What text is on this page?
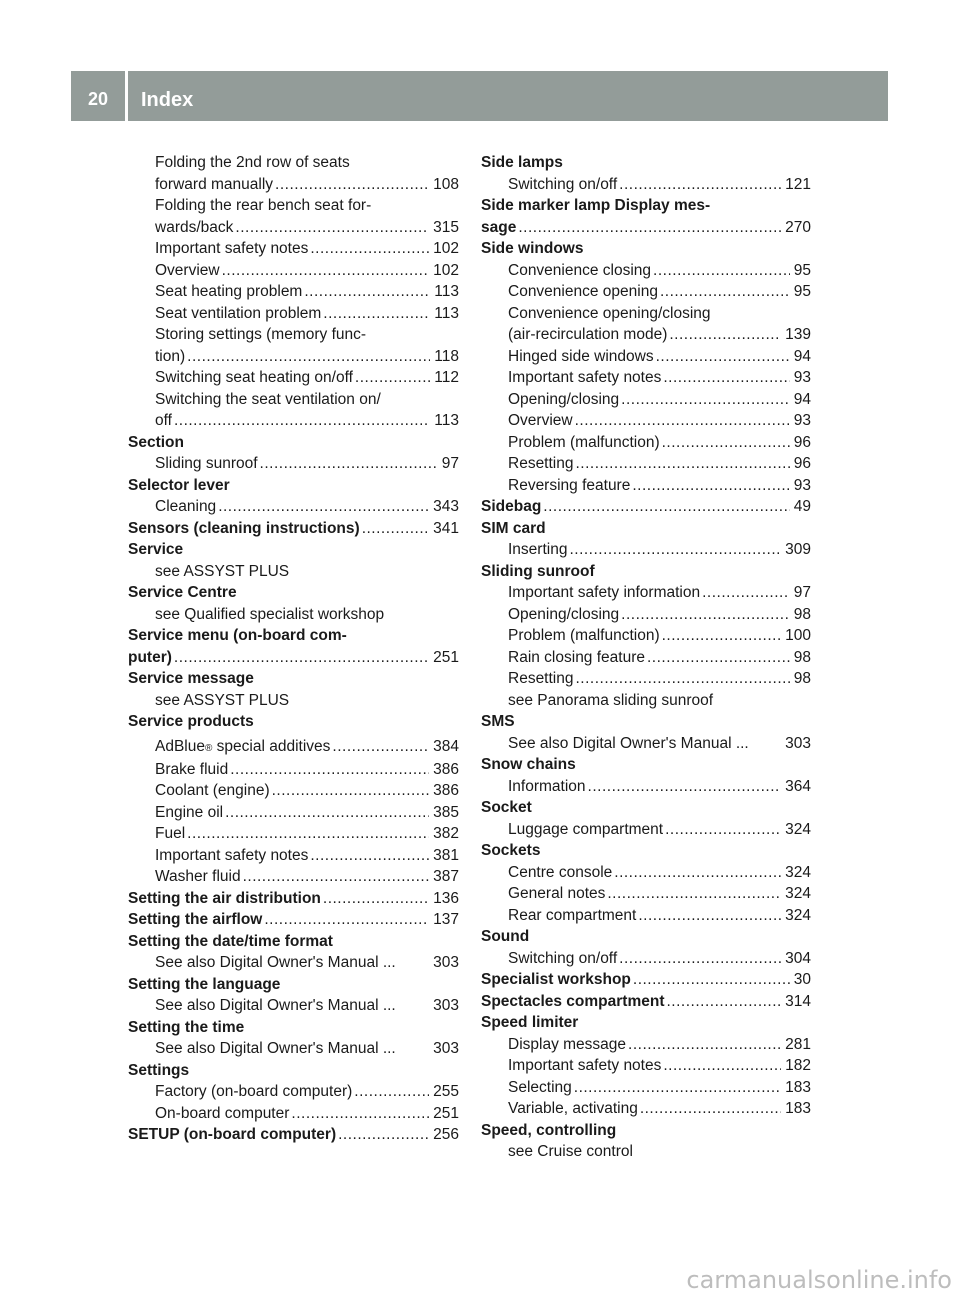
20	Index
Folding the 2nd row of seats
forward manually .....	108
Folding the rear bench seat for-
wards/back .....	315
Important safety notes .....	102
Overview .....	102
Seat heating problem .....	113
Seat ventilation problem .....	113
Storing settings (memory func-
tion) .....	118
Switching seat heating on/off .....	112
Switching the seat ventilation on/
off .....	113
Section
Sliding sunroof .....	97
Selector lever
Cleaning .....	343
Sensors (cleaning instructions) .....	341
Service
see ASSYST PLUS
Service Centre
see Qualified specialist workshop
Service menu (on-board com-
puter) .....	251
Service message
see ASSYST PLUS
Service products
AdBlue ® special additives .....	384
Brake fluid .....	386
Coolant (engine) .....	386
Engine oil .....	385
Fuel .....	382
Important safety notes .....	381
Washer fluid .....	387
Setting the air distribution .....	136
Setting the airflow .....	137
Setting the date/time format
See also Digital Owner's Manual ... 303
Setting the language
See also Digital Owner's Manual ... 303
Setting the time
See also Digital Owner's Manual ... 303
Settings
Factory (on-board computer) .....	255
On-board computer .....	251
SETUP (on-board computer) .....	256
Side lamps
Switching on/off .....	121
Side marker lamp Display mes-
sage .....	270
Side windows
Convenience closing .....	95
Convenience opening .....	95
Convenience opening/closing
(air-recirculation mode) .....	139
Hinged side windows .....	94
Important safety notes .....	93
Opening/closing .....	94
Overview .....	93
Problem (malfunction) .....	96
Resetting .....	96
Reversing feature .....	93
Sidebag .....	49
SIM card
Inserting .....	309
Sliding sunroof
Important safety information .....	97
Opening/closing .....	98
Problem (malfunction) .....	100
Rain closing feature .....	98
Resetting .....	98
see Panorama sliding sunroof
SMS
See also Digital Owner's Manual ... 303
Snow chains
Information .....	364
Socket
Luggage compartment .....	324
Sockets
Centre console .....	324
General notes .....	324
Rear compartment .....	324
Sound
Switching on/off .....	304
Specialist workshop .....	30
Spectacles compartment .....	314
Speed limiter
Display message .....	281
Important safety notes .....	182
Selecting .....	183
Variable, activating .....	183
Speed, controlling
see Cruise control
carmanualsonline.info
